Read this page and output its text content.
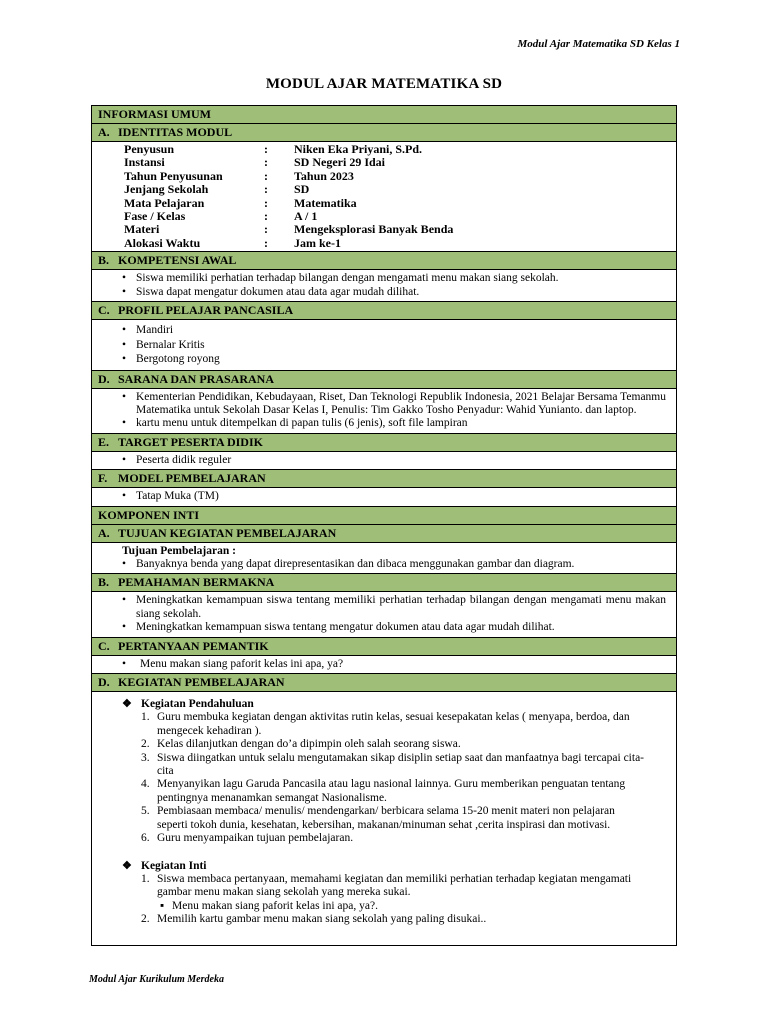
Modul Ajar Matematika SD Kelas 1
MODUL AJAR MATEMATIKA SD
INFORMASI UMUM
A. IDENTITAS MODUL
Penyusun	:	Niken Eka Priyani, S.Pd.
Instansi	:	SD Negeri 29 Idai
Tahun Penyusunan	:	Tahun 2023
Jenjang Sekolah	:	SD
Mata Pelajaran	:	Matematika
Fase / Kelas	:	A / 1
Materi	:	Mengeksplorasi Banyak Benda
Alokasi Waktu	:	Jam ke-1
B. KOMPETENSI AWAL
• Siswa memiliki perhatian terhadap bilangan dengan mengamati menu makan siang sekolah.
• Siswa dapat mengatur dokumen atau data agar mudah dilihat.
C. PROFIL PELAJAR PANCASILA
• Mandiri
• Bernalar Kritis
• Bergotong royong
D. SARANA DAN PRASARANA
• Kementerian Pendidikan, Kebudayaan, Riset, Dan Teknologi Republik Indonesia, 2021 Belajar Bersama Temanmu Matematika untuk Sekolah Dasar Kelas I, Penulis: Tim Gakko Tosho Penyadur: Wahid Yunianto. dan laptop.
• kartu menu untuk ditempelkan di papan tulis (6 jenis), soft file lampiran
E. TARGET PESERTA DIDIK
• Peserta didik reguler
F. MODEL PEMBELAJARAN
• Tatap Muka (TM)
KOMPONEN INTI
A. TUJUAN KEGIATAN PEMBELAJARAN
Tujuan Pembelajaran :
• Banyaknya benda yang dapat direpresentasikan dan dibaca menggunakan gambar dan diagram.
B. PEMAHAMAN BERMAKNA
• Meningkatkan kemampuan siswa tentang memiliki perhatian terhadap bilangan dengan mengamati menu makan siang sekolah.
• Meningkatkan kemampuan siswa tentang mengatur dokumen atau data agar mudah dilihat.
C. PERTANYAAN PEMANTIK
• Menu makan siang paforit kelas ini apa, ya?
D. KEGIATAN PEMBELAJARAN
❖ Kegiatan Pendahuluan
1. Guru membuka kegiatan dengan aktivitas rutin kelas, sesuai kesepakatan kelas ( menyapa, berdoa, dan mengecek kehadiran ).
2. Kelas dilanjutkan dengan do’a dipimpin oleh salah seorang siswa.
3. Siswa diingatkan untuk selalu mengutamakan sikap disiplin setiap saat dan manfaatnya bagi tercapai cita-cita
4. Menyanyikan lagu Garuda Pancasila atau lagu nasional lainnya. Guru memberikan penguatan tentang pentingnya menanamkan semangat Nasionalisme.
5. Pembiasaan membaca/ menulis/ mendengarkan/ berbicara selama 15-20 menit materi non pelajaran seperti tokoh dunia, kesehatan, kebersihan, makanan/minuman sehat ,cerita inspirasi dan motivasi.
6. Guru menyampaikan tujuan pembelajaran.
❖ Kegiatan Inti
1. Siswa membaca pertanyaan, memahami kegiatan dan memiliki perhatian terhadap kegiatan mengamati gambar menu makan siang sekolah yang mereka sukai.
▪ Menu makan siang paforit kelas ini apa, ya?.
2. Memilih kartu gambar menu makan siang sekolah yang paling disukai..
Modul Ajar Kurikulum Merdeka
